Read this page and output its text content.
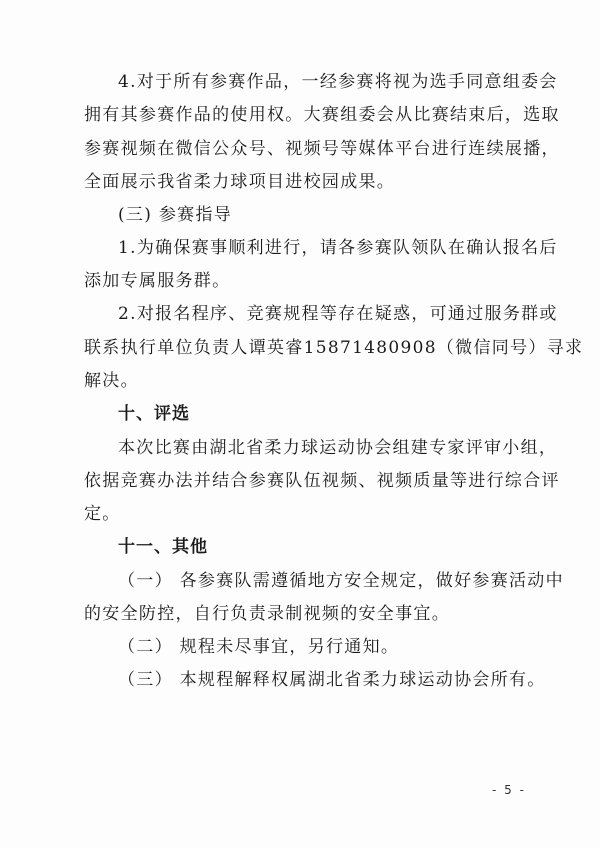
4.对于所有参赛作品，一经参赛将视为选手同意组委会
拥有其参赛作品的使用权。大赛组委会从比赛结束后，选取
参赛视频在微信公众号、视频号等媒体平台进行连续展播，
全面展示我省柔力球项目进校园成果。
(三) 参赛指导
1.为确保赛事顺利进行，请各参赛队领队在确认报名后
添加专属服务群。
2.对报名程序、竞赛规程等存在疑惑，可通过服务群或
联系执行单位负责人谭英睿15871480908（微信同号）寻求
解决。
十、评选
本次比赛由湖北省柔力球运动协会组建专家评审小组，
依据竞赛办法并结合参赛队伍视频、视频质量等进行综合评
定。
十一、其他
（一） 各参赛队需遵循地方安全规定，做好参赛活动中
的安全防控，自行负责录制视频的安全事宜。
（二） 规程未尽事宜，另行通知。
（三） 本规程解释权属湖北省柔力球运动协会所有。
- 5 -
